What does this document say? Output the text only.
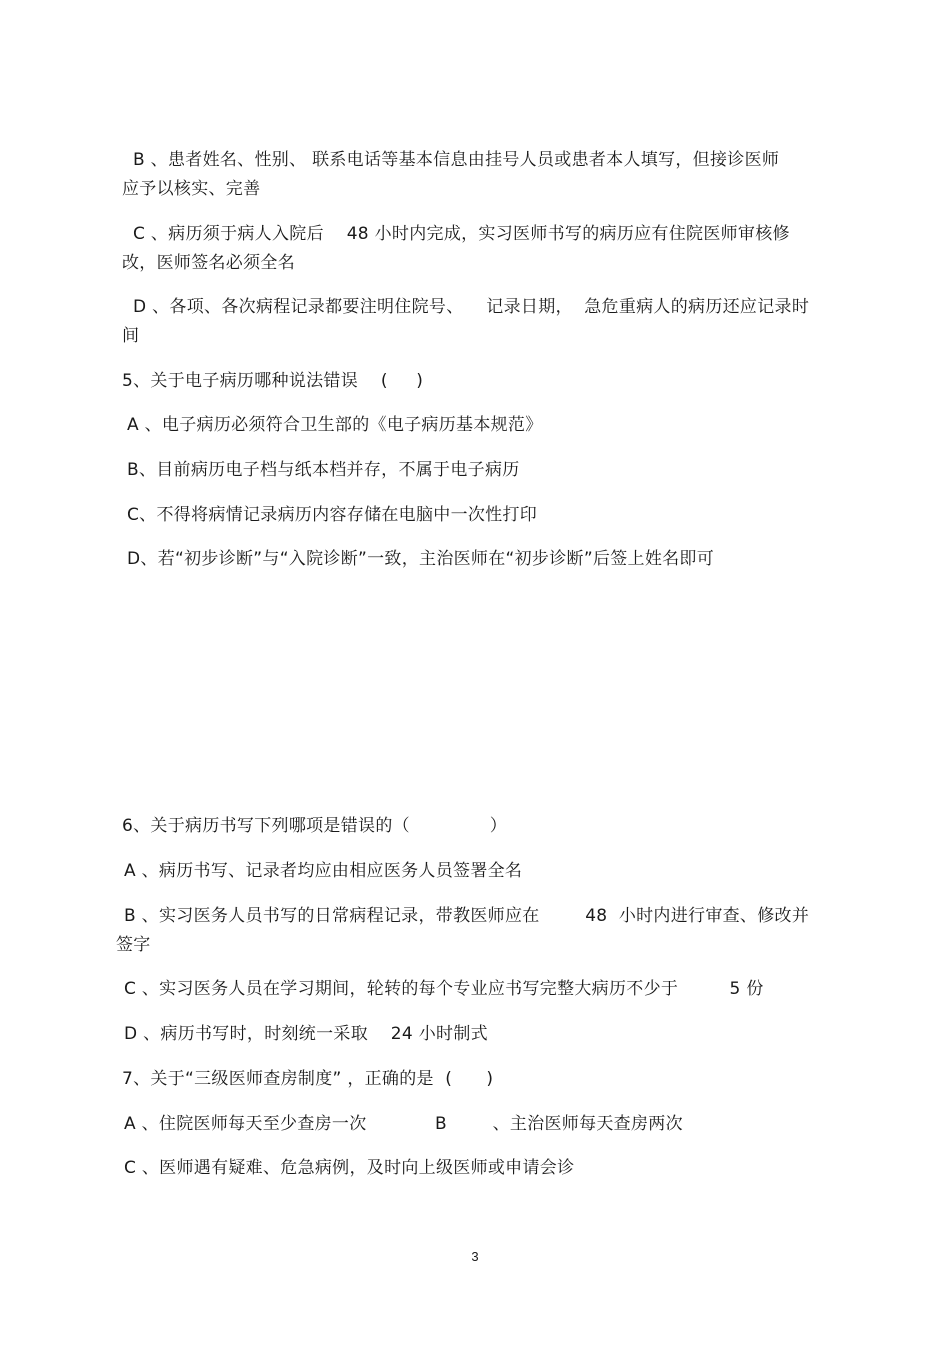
B 、患者姓名、性别、 联系电话等基本信息由挂号人员或患者本人填写，但接诊医师
应予以核实、完善
C 、病历须于病人入院后    48 小时内完成，实习医师书写的病历应有住院医师审核修
改，医师签名必须全名
D 、各项、各次病程记录都要注明住院号、    记录日期，  急危重病人的病历还应记录时
间
5、关于电子病历哪种说法错误    (     )
A 、电子病历必须符合卫生部的《电子病历基本规范》
B、目前病历电子档与纸本档并存，不属于电子病历
C、不得将病情记录病历内容存储在电脑中一次性打印
D、若“初步诊断”与“入院诊断”一致，主治医师在“初步诊断”后签上姓名即可
6、关于病历书写下列哪项是错误的（              ）
A 、病历书写、记录者均应由相应医务人员签署全名
B 、实习医务人员书写的日常病程记录，带教医师应在        48  小时内进行审查、修改并
签字
C 、实习医务人员在学习期间，轮转的每个专业应书写完整大病历不少于         5 份
D 、病历书写时，时刻统一采取    24 小时制式
7、关于“三级医师查房制度” ，正确的是  (      )
A 、住院医师每天至少查房一次            B        、主治医师每天查房两次
C 、医师遇有疑难、危急病例，及时向上级医师或申请会诊
3
